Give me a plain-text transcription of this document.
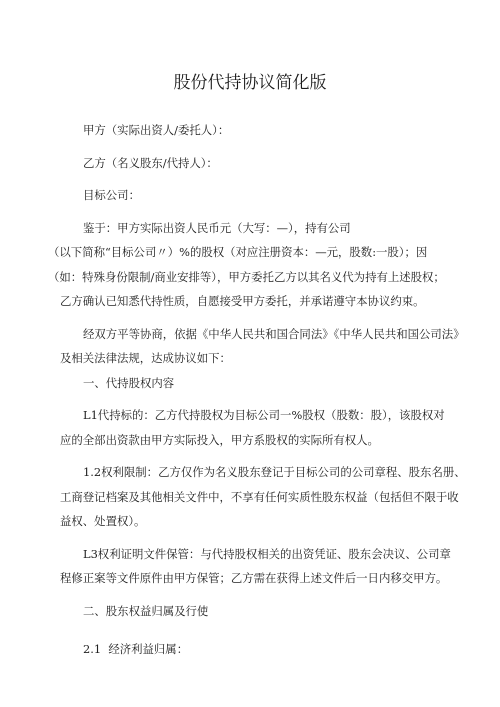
股份代持协议简化版

甲方（实际出资人/委托人）：

乙方（名义股东/代持人）：

目标公司：

鉴于：甲方实际出资人民币元（大写：—），持有公司

（以下简称“目标公司〃）%的股权（对应注册资本：—元，股数:一股）；因

（如：特殊身份限制/商业安排等），甲方委托乙方以其名义代为持有上述股权；

乙方确认已知悉代持性质，自愿接受甲方委托，并承诺遵守本协议约束。

经双方平等协商，依据《中华人民共和国合同法》《中华人民共和国公司法》

及相关法律法规，达成协议如下：

一、代持股权内容

L1代持标的：乙方代持股权为目标公司一%股权（股数：股），该股权对

应的全部出资款由甲方实际投入，甲方系股权的实际所有权人。

1.2权利限制：乙方仅作为名义股东登记于目标公司的公司章程、股东名册、

工商登记档案及其他相关文件中，不享有任何实质性股东权益（包括但不限于收

益权、处置权）。

L3权利证明文件保管：与代持股权相关的出资凭证、股东会决议、公司章

程修正案等文件原件由甲方保管；乙方需在获得上述文件后一日内移交甲方。

二、股东权益归属及行使

2.1  经济利益归属：
